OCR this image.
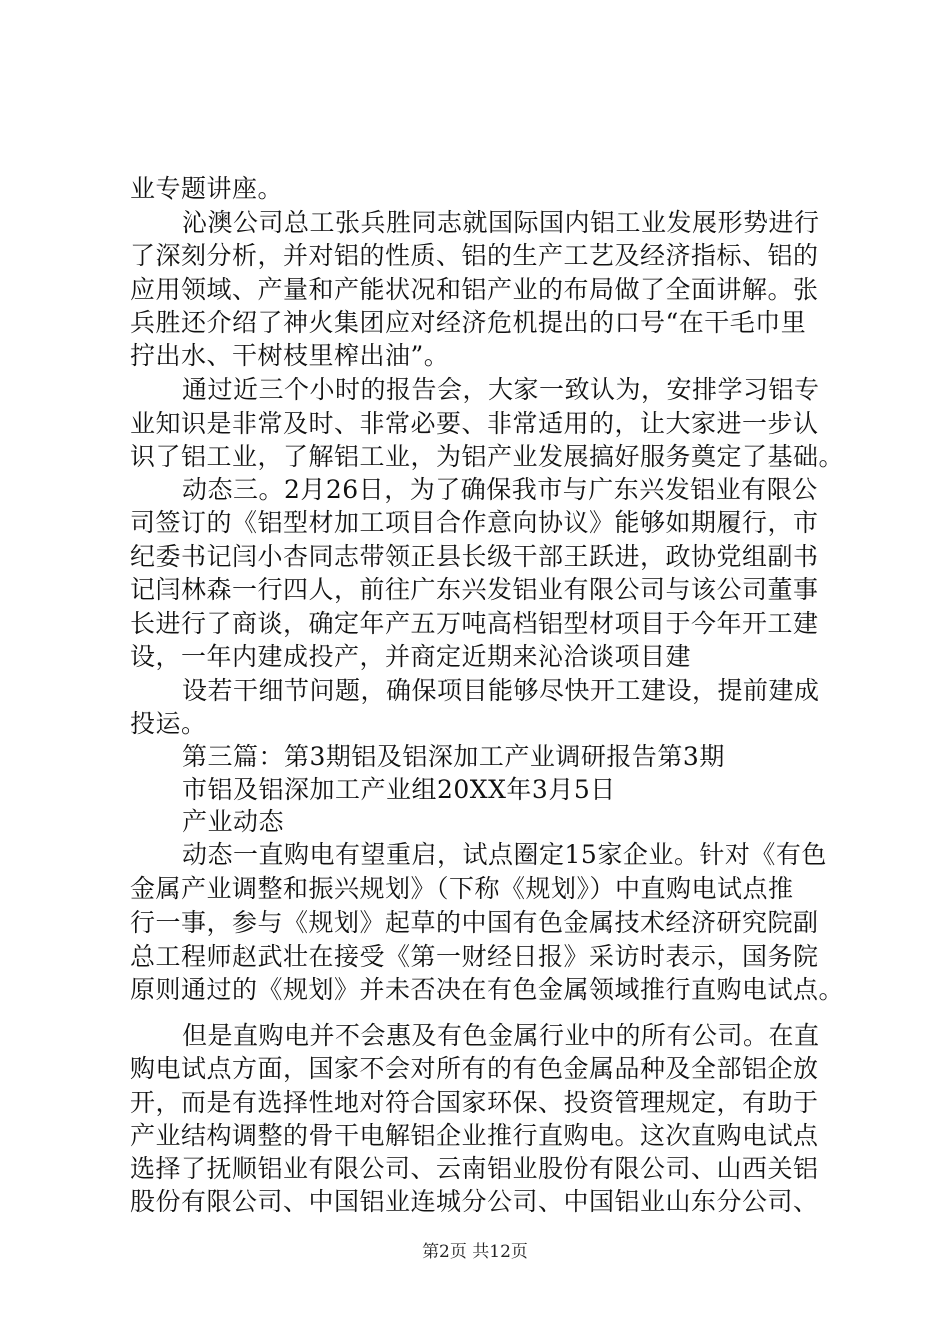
业专题讲座。
沁澳公司总工张兵胜同志就国际国内铝工业发展形势进行
了深刻分析，并对铝的性质、铝的生产工艺及经济指标、铝的
应用领域、产量和产能状况和铝产业的布局做了全面讲解。张
兵胜还介绍了神火集团应对经济危机提出的口号“在干毛巾里
拧出水、干树枝里榨出油”。
通过近三个小时的报告会，大家一致认为，安排学习铝专
业知识是非常及时、非常必要、非常适用的，让大家进一步认
识了铝工业，了解铝工业，为铝产业发展搞好服务奠定了基础。
动态三。2月26日，为了确保我市与广东兴发铝业有限公
司签订的《铝型材加工项目合作意向协议》能够如期履行，市
纪委书记闫小杏同志带领正县长级干部王跃进，政协党组副书
记闫林森一行四人，前往广东兴发铝业有限公司与该公司董事
长进行了商谈，确定年产五万吨高档铝型材项目于今年开工建
设，一年内建成投产，并商定近期来沁洽谈项目建
设若干细节问题，确保项目能够尽快开工建设，提前建成
投运。
第三篇：第3期铝及铝深加工产业调研报告第3期
市铝及铝深加工产业组20XX年3月5日
产业动态
动态一直购电有望重启，试点圈定15家企业。针对《有色
金属产业调整和振兴规划》（下称《规划》）中直购电试点推
行一事，参与《规划》起草的中国有色金属技术经济研究院副
总工程师赵武壮在接受《第一财经日报》采访时表示，国务院
原则通过的《规划》并未否决在有色金属领域推行直购电试点。
但是直购电并不会惠及有色金属行业中的所有公司。在直
购电试点方面，国家不会对所有的有色金属品种及全部铝企放
开，而是有选择性地对符合国家环保、投资管理规定，有助于
产业结构调整的骨干电解铝企业推行直购电。这次直购电试点
选择了抚顺铝业有限公司、云南铝业股份有限公司、山西关铝
股份有限公司、中国铝业连城分公司、中国铝业山东分公司、
第2页 共12页
